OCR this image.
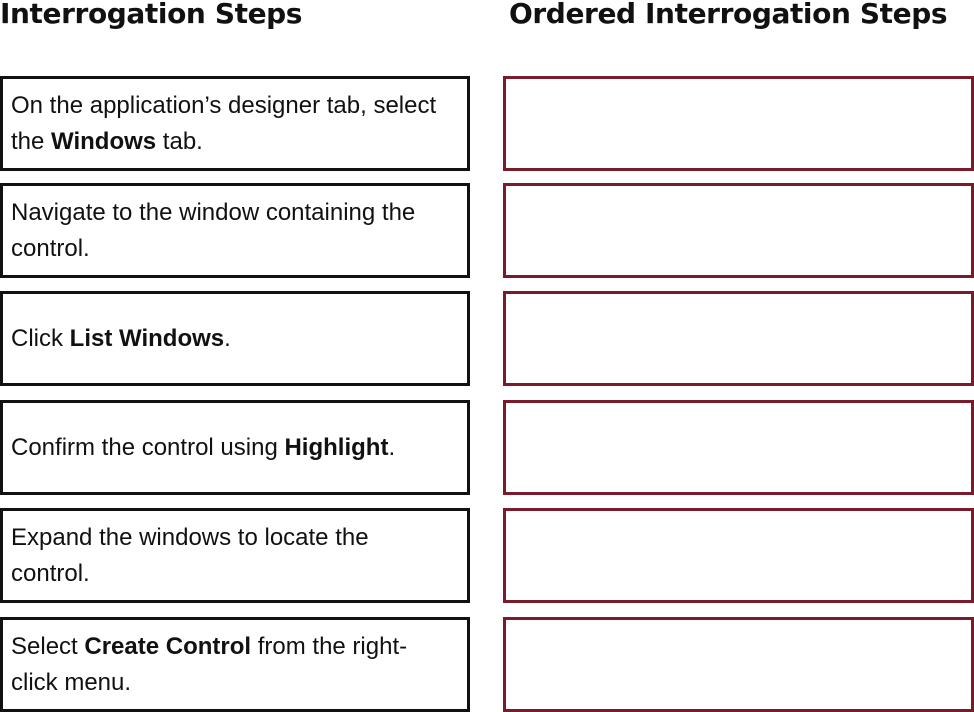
Interrogation Steps	Ordered Interrogation Steps
On the application’s designer tab, select the Windows tab.
Navigate to the window containing the control.
Click List Windows.
Confirm the control using Highlight.
Expand the windows to locate the control.
Select Create Control from the right-click menu.
